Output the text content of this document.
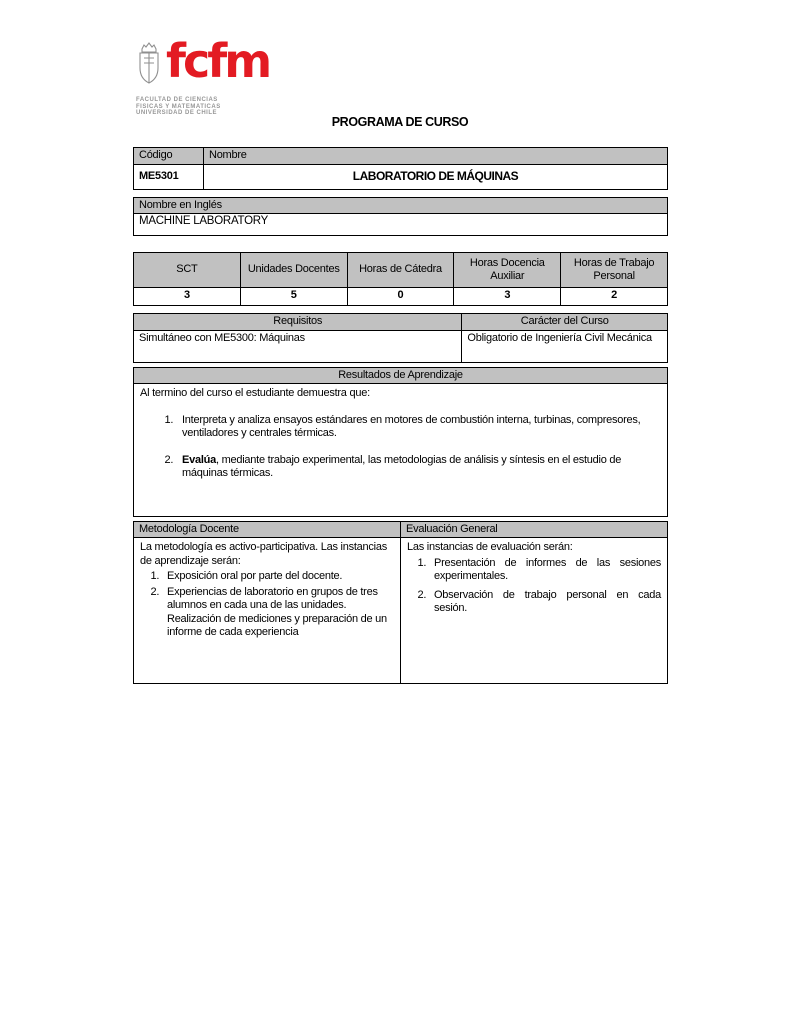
fcfm
FACULTAD DE CIENCIAS
FISICAS Y MATEMATICAS
UNIVERSIDAD DE CHILE
PROGRAMA DE CURSO
Código	Nombre
ME5301	LABORATORIO DE MÁQUINAS
Nombre en Inglés
MACHINE LABORATORY
SCT	Unidades Docentes	Horas de Cátedra	Horas Docencia Auxiliar	Horas de Trabajo Personal
3	5	0	3	2
Requisitos	Carácter del Curso
Simultáneo con ME5300: Máquinas	Obligatorio de Ingeniería Civil Mecánica
Resultados de Aprendizaje

Al termino del curso el estudiante demuestra que:
1. Interpreta y analiza ensayos estándares en motores de combustión interna, turbinas, compresores, ventiladores y centrales térmicas.
2. Evalúa, mediante trabajo experimental, las metodologias de análisis y síntesis en el estudio de máquinas térmicas.
Metodología Docente	Evaluación General

La metodología es activo-participativa. Las instancias de aprendizaje serán:
1. Exposición oral por parte del docente.
2. Experiencias de laboratorio en grupos de tres alumnos en cada una de las unidades. Realización de mediciones y preparación de un informe de cada experiencia

Las instancias de evaluación serán:
1. Presentación de informes de las sesiones experimentales.
2. Observación de trabajo personal en cada sesión.
